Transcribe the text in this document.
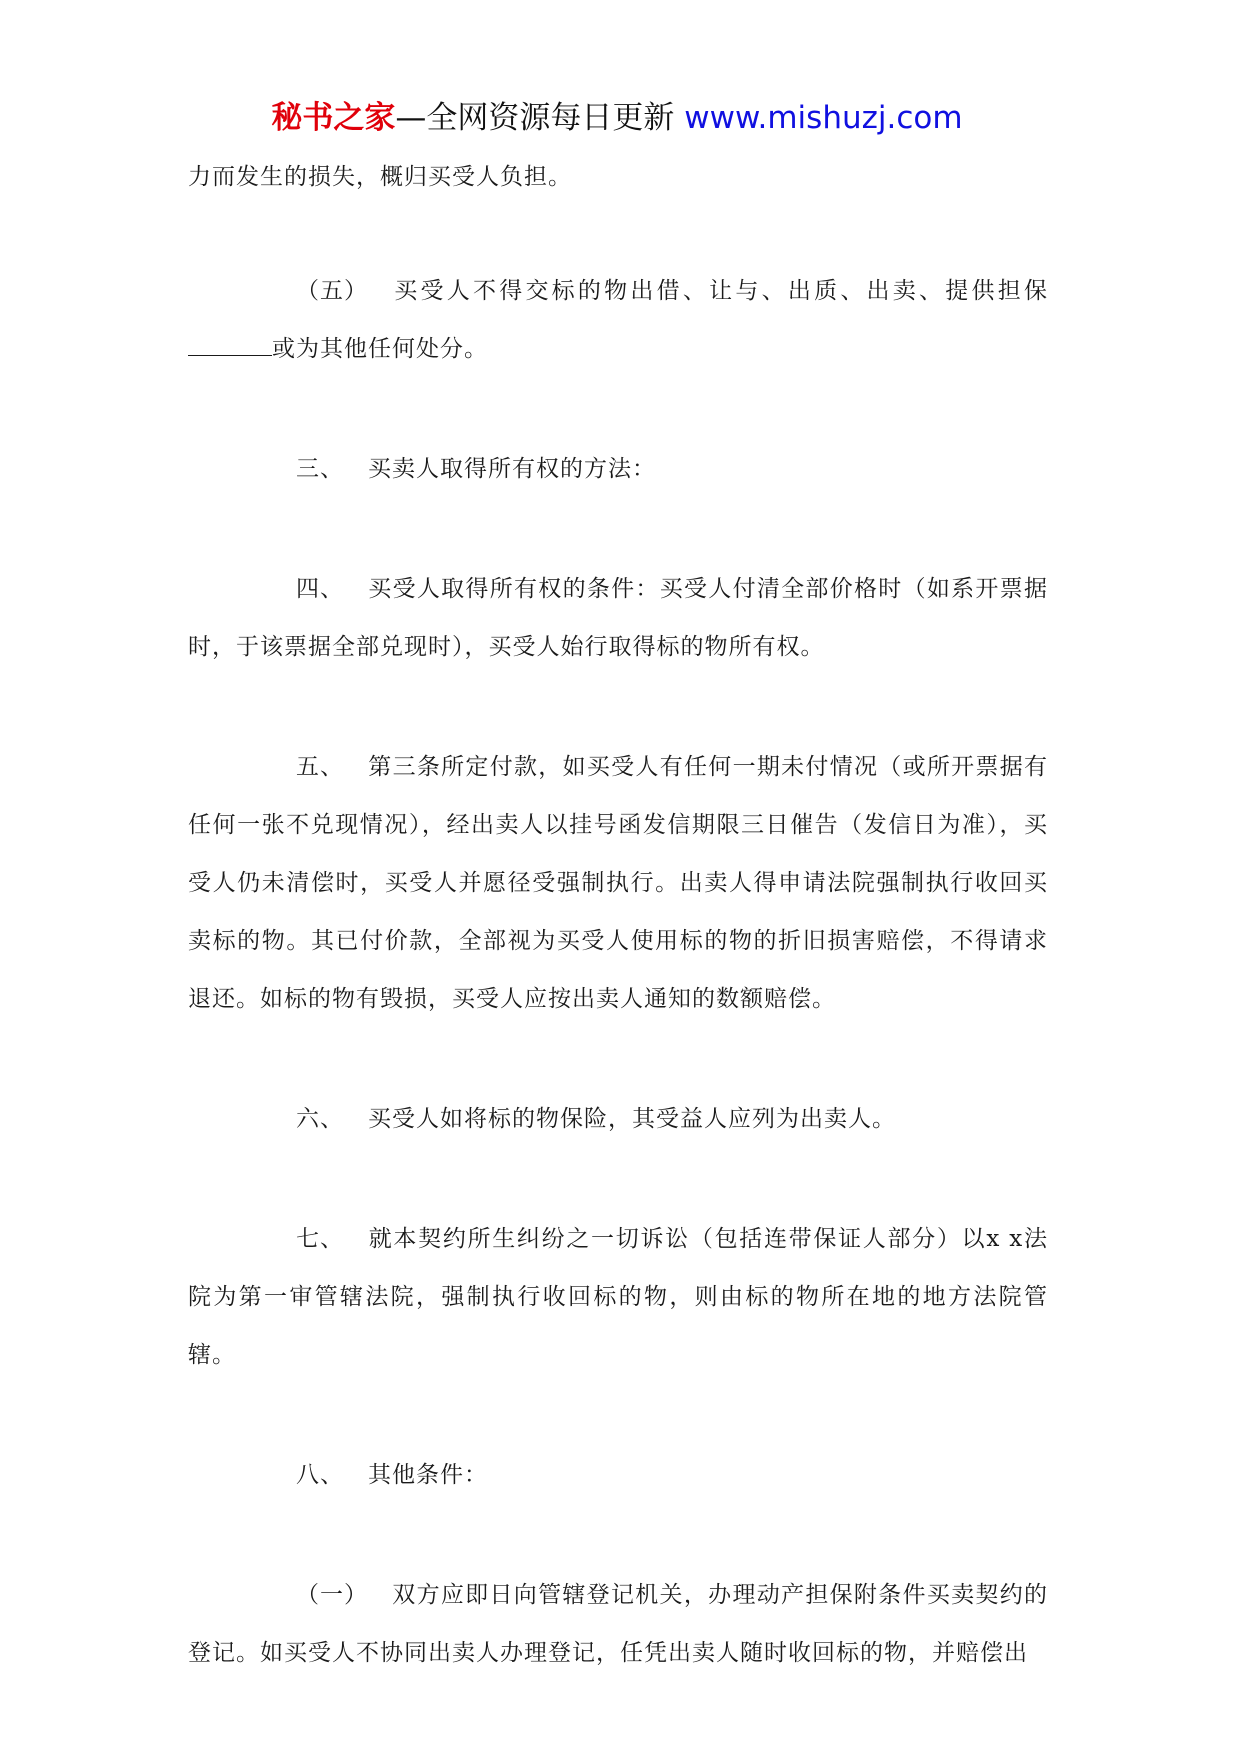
秘书之家—全网资源每日更新 www.mishuzj.com

力而发生的损失，概归买受人负担。

（五） 买受人不得交标的物出借、让与、出质、出卖、提供担保或为其他任何处分。

三、 买卖人取得所有权的方法：

四、 买受人取得所有权的条件：买受人付清全部价格时（如系开票据时，于该票据全部兑现时），买受人始行取得标的物所有权。

五、 第三条所定付款，如买受人有任何一期未付情况（或所开票据有任何一张不兑现情况），经出卖人以挂号函发信期限三日催告（发信日为准），买受人仍未清偿时，买受人并愿径受强制执行。出卖人得申请法院强制执行收回买卖标的物。其已付价款，全部视为买受人使用标的物的折旧损害赔偿，不得请求退还。如标的物有毁损，买受人应按出卖人通知的数额赔偿。

六、 买受人如将标的物保险，其受益人应列为出卖人。

七、 就本契约所生纠纷之一切诉讼（包括连带保证人部分）以x x法院为第一审管辖法院，强制执行收回标的物，则由标的物所在地的地方法院管辖。

八、 其他条件：

（一） 双方应即日向管辖登记机关，办理动产担保附条件买卖契约的登记。如买受人不协同出卖人办理登记，任凭出卖人随时收回标的物，并赔偿出
